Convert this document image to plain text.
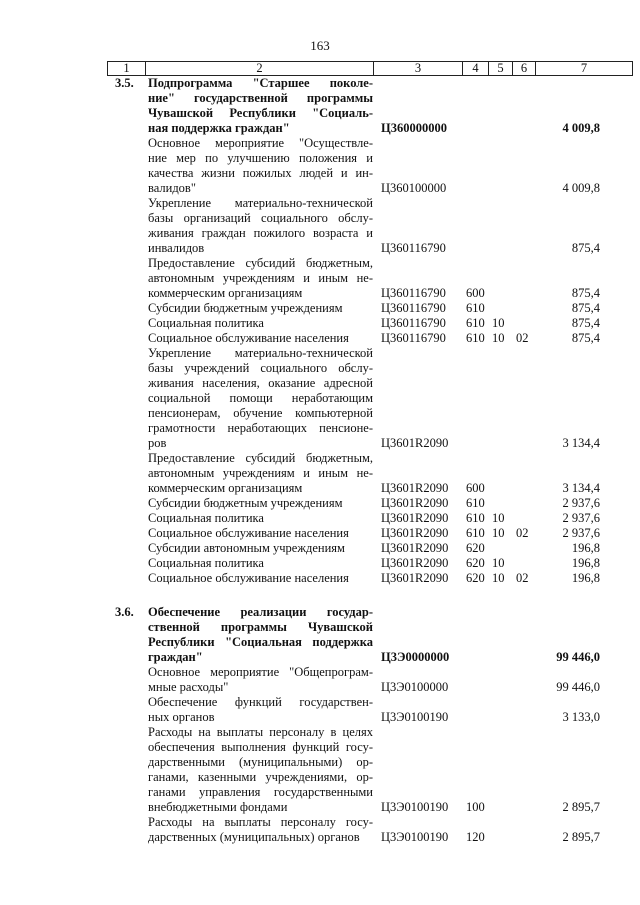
163
1	2	3	4	5	6	7
3.5. Подпрограмма "Старшее поколе-
ние" государственной программы
Чувашской Республики "Социаль-
ная поддержка граждан"	Ц360000000	4 009,8
Основное мероприятие "Осуществле-
ние мер по улучшению положения и
качества жизни пожилых людей и ин-
валидов"	Ц360100000	4 009,8
Укрепление материально-технической
базы организаций социального обслу-
живания граждан пожилого возраста и
инвалидов	Ц360116790	875,4
Предоставление субсидий бюджетным,
автономным учреждениям и иным не-
коммерческим организациям	Ц360116790 600	875,4
Субсидии бюджетным учреждениям	Ц360116790 610	875,4
Социальная политика	Ц360116790 610 10	875,4
Социальное обслуживание населения	Ц360116790 610 10 02	875,4
Укрепление материально-технической
базы учреждений социального обслу-
живания населения, оказание адресной
социальной помощи неработающим
пенсионерам, обучение компьютерной
грамотности неработающих пенсионе-
ров	Ц3601R2090	3 134,4
Предоставление субсидий бюджетным,
автономным учреждениям и иным не-
коммерческим организациям	Ц3601R2090 600	3 134,4
Субсидии бюджетным учреждениям	Ц3601R2090 610	2 937,6
Социальная политика	Ц3601R2090 610 10	2 937,6
Социальное обслуживание населения	Ц3601R2090 610 10 02	2 937,6
Субсидии автономным учреждениям	Ц3601R2090 620	196,8
Социальная политика	Ц3601R2090 620 10	196,8
Социальное обслуживание населения	Ц3601R2090 620 10 02	196,8
3.6. Обеспечение реализации государ-
ственной программы Чувашской
Республики "Социальная поддержка
граждан"	Ц3Э0000000	99 446,0
Основное мероприятие "Общепрограм-
мные расходы"	Ц3Э0100000	99 446,0
Обеспечение функций государствен-
ных органов	Ц3Э0100190	3 133,0
Расходы на выплаты персоналу в целях
обеспечения выполнения функций госу-
дарственными (муниципальными) ор-
ганами, казенными учреждениями, ор-
ганами управления государственными
внебюджетными фондами	Ц3Э0100190 100	2 895,7
Расходы на выплаты персоналу госу-
дарственных (муниципальных) органов	Ц3Э0100190 120	2 895,7
